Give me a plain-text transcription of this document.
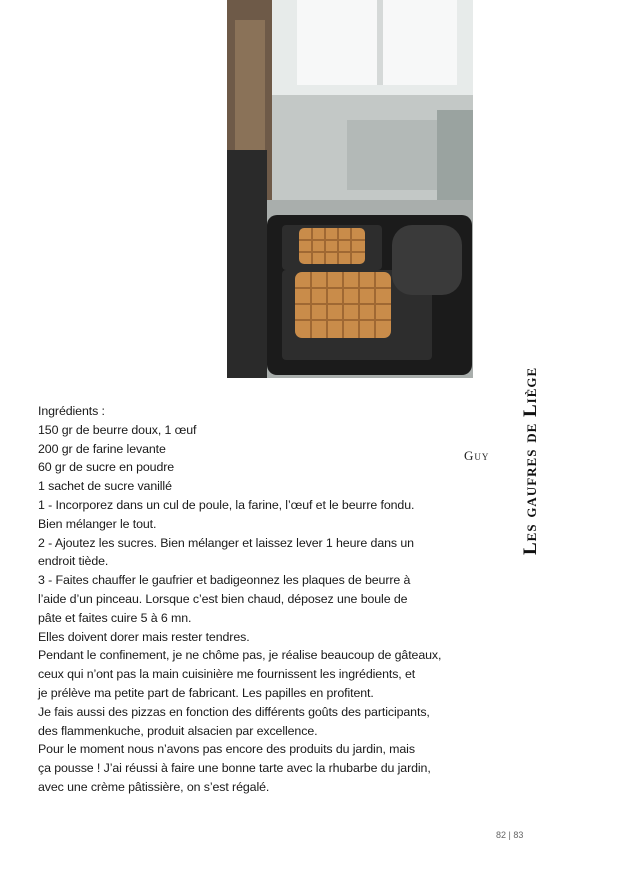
Les gaufres de Liège
Guy
Ingrédients :
150 gr de beurre doux, 1 œuf
200 gr de farine levante
60 gr de sucre en poudre
1 sachet de sucre vanillé
1 - Incorporez dans un cul de poule, la farine, l’œuf et le beurre fondu.
Bien mélanger le tout.
2 - Ajoutez les sucres. Bien mélanger et laissez lever 1 heure dans un
endroit tiède.
3 - Faites chauffer le gaufrier et badigeonnez les plaques de beurre à
l’aide d’un pinceau. Lorsque c’est bien chaud, déposez une boule de
pâte et faites cuire 5 à 6 mn.
Elles doivent dorer mais rester tendres.
Pendant le confinement, je ne chôme pas, je réalise beaucoup de gâteaux,
ceux qui n’ont pas la main cuisinière me fournissent les ingrédients, et
je prélève ma petite part de fabricant. Les papilles en profitent.
Je fais aussi des pizzas en fonction des différents goûts des participants,
des flammenkuche, produit alsacien par excellence.
Pour le moment nous n’avons pas encore des produits du jardin, mais
ça pousse ! J’ai réussi à faire une bonne tarte avec la rhubarbe du jardin,
avec une crème pâtissière, on s’est régalé.
82 | 83
